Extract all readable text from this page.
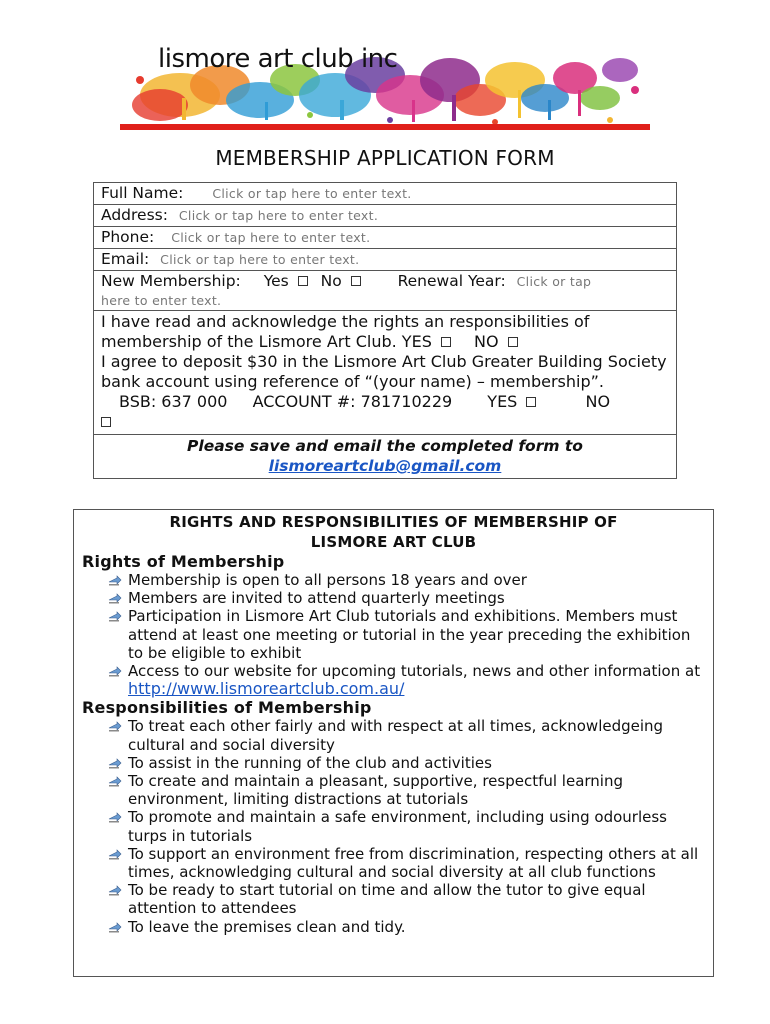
lismore art club inc
MEMBERSHIP APPLICATION FORM
Full Name: Click or tap here to enter text.
Address: Click or tap here to enter text.
Phone: Click or tap here to enter text.
Email: Click or tap here to enter text.
New Membership: Yes No	Renewal Year: Click or tap
here to enter text.
I have read and acknowledge the rights an responsibilities of membership of the Lismore Art Club. YES	NO
I agree to deposit $30 in the Lismore Art Club Greater Building Society bank account using reference of “(your name) – membership”.
BSB: 637 000 ACCOUNT #: 781710229 YES	NO

Please save and email the completed form to
lismoreartclub@gmail.com
RIGHTS AND RESPONSIBILITIES OF MEMBERSHIP OF
LISMORE ART CLUB
Rights of Membership
Membership is open to all persons 18 years and over
Members are invited to attend quarterly meetings
Participation in Lismore Art Club tutorials and exhibitions. Members must attend at least one meeting or tutorial in the year preceding the exhibition to be eligible to exhibit
Access to our website for upcoming tutorials, news and other information at http://www.lismoreartclub.com.au/
Responsibilities of Membership
To treat each other fairly and with respect at all times, acknowledgeing cultural and social diversity
To assist in the running of the club and activities
To create and maintain a pleasant, supportive, respectful learning environment, limiting distractions at tutorials
To promote and maintain a safe environment, including using odourless turps in tutorials
To support an environment free from discrimination, respecting others at all times, acknowledging cultural and social diversity at all club functions
To be ready to start tutorial on time and allow the tutor to give equal attention to attendees
To leave the premises clean and tidy.
